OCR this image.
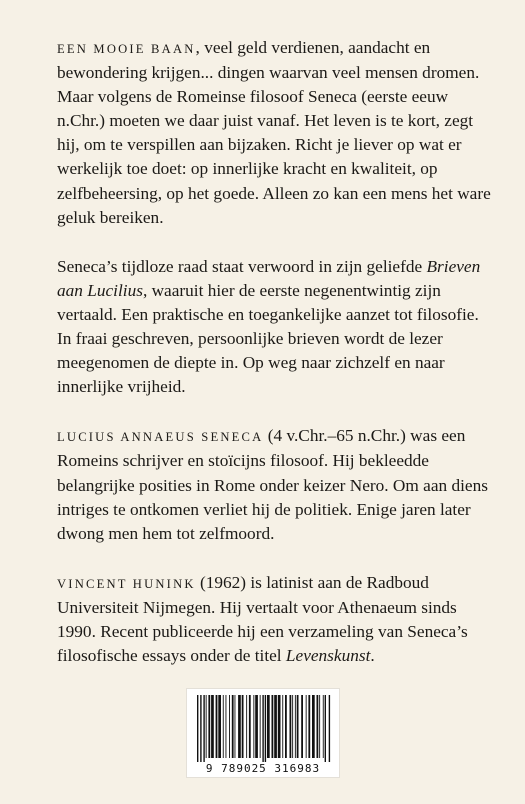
EEN MOOIE BAAN, veel geld verdienen, aandacht en bewondering krijgen... dingen waarvan veel mensen dromen. Maar volgens de Romeinse filosoof Seneca (eerste eeuw n.Chr.) moeten we daar juist vanaf. Het leven is te kort, zegt hij, om te verspillen aan bijzaken. Richt je liever op wat er werkelijk toe doet: op innerlijke kracht en kwaliteit, op zelfbeheersing, op het goede. Alleen zo kan een mens het ware geluk bereiken.

Seneca’s tijdloze raad staat verwoord in zijn geliefde Brieven aan Lucilius, waaruit hier de eerste negenentwintig zijn vertaald. Een praktische en toegankelijke aanzet tot filosofie. In fraai geschreven, persoonlijke brieven wordt de lezer meegenomen de diepte in. Op weg naar zichzelf en naar innerlijke vrijheid.

LUCIUS ANNAEUS SENECA (4 v.Chr.–65 n.Chr.) was een Romeins schrijver en stoïcijns filosoof. Hij bekleedde belangrijke posities in Rome onder keizer Nero. Om aan diens intriges te ontkomen verliet hij de politiek. Enige jaren later dwong men hem tot zelfmoord.

VINCENT HUNINK (1962) is latinist aan de Radboud Universiteit Nijmegen. Hij vertaalt voor Athenaeum sinds 1990. Recent publiceerde hij een verzameling van Seneca’s filosofische essays onder de titel Levenskunst.

9 789025 316983
